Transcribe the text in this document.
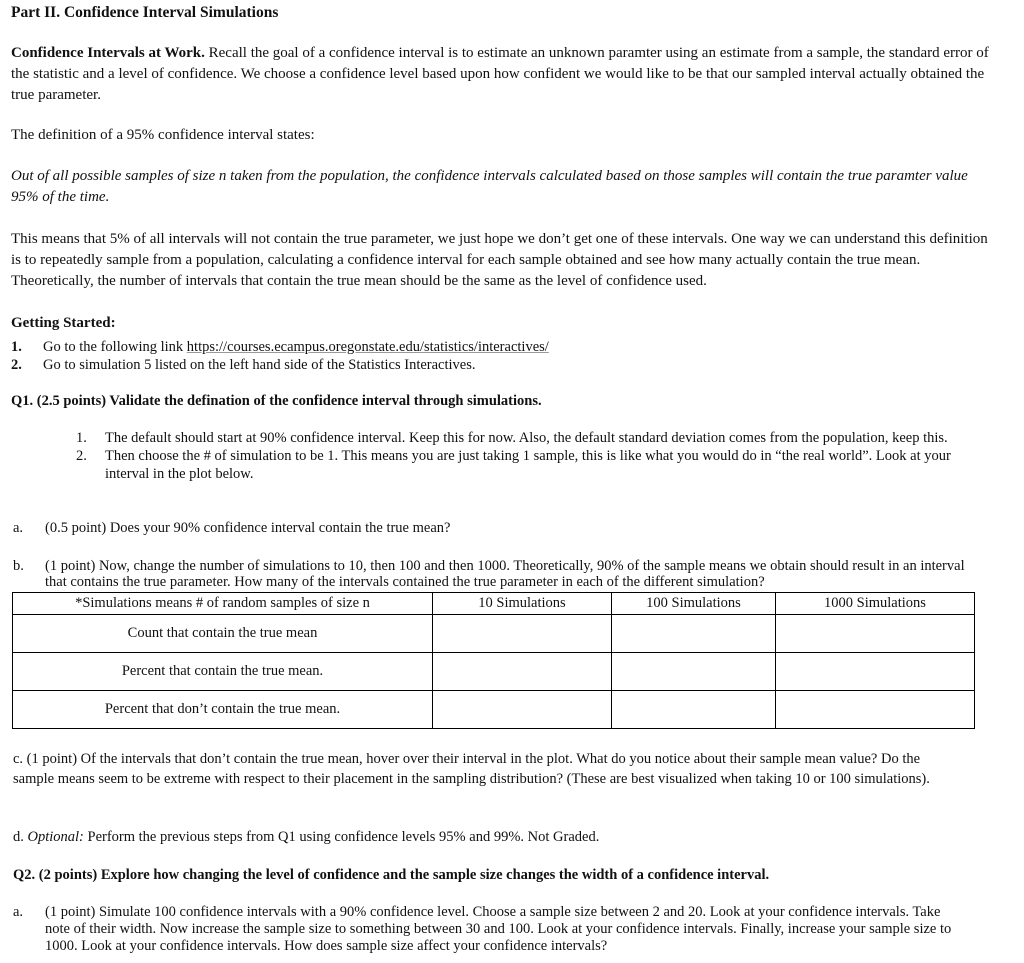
Part II. Confidence Interval Simulations
Confidence Intervals at Work. Recall the goal of a confidence interval is to estimate an unknown paramter using an estimate from a sample, the standard error of the statistic and a level of confidence. We choose a confidence level based upon how confident we would like to be that our sampled interval actually obtained the true parameter.
The definition of a 95% confidence interval states:
Out of all possible samples of size n taken from the population, the confidence intervals calculated based on those samples will contain the true paramter value 95% of the time.
This means that 5% of all intervals will not contain the true parameter, we just hope we don’t get one of these intervals. One way we can understand this definition is to repeatedly sample from a population, calculating a confidence interval for each sample obtained and see how many actually contain the true mean. Theoretically, the number of intervals that contain the true mean should be the same as the level of confidence used.
Getting Started:
1.	Go to the following link https://courses.ecampus.oregonstate.edu/statistics/interactives/
2.	Go to simulation 5 listed on the left hand side of the Statistics Interactives.
Q1. (2.5 points) Validate the defination of the confidence interval through simulations.
1.	The default should start at 90% confidence interval. Keep this for now. Also, the default standard deviation comes from the population, keep this.
2.	Then choose the # of simulation to be 1. This means you are just taking 1 sample, this is like what you would do in “the real world”. Look at your interval in the plot below.
a.	(0.5 point) Does your 90% confidence interval contain the true mean?
b.	(1 point) Now, change the number of simulations to 10, then 100 and then 1000. Theoretically, 90% of the sample means we obtain should result in an interval that contains the true parameter. How many of the intervals contained the true parameter in each of the different simulation?
*Simulations means # of random samples of size n	10 Simulations	100 Simulations	1000 Simulations
Count that contain the true mean			
Percent that contain the true mean.			
Percent that don’t contain the true mean.			
c. (1 point) Of the intervals that don’t contain the true mean, hover over their interval in the plot. What do you notice about their sample mean value? Do the sample means seem to be extreme with respect to their placement in the sampling distribution? (These are best visualized when taking 10 or 100 simulations).
d. Optional: Perform the previous steps from Q1 using confidence levels 95% and 99%. Not Graded.
Q2. (2 points) Explore how changing the level of confidence and the sample size changes the width of a confidence interval.
a.	(1 point) Simulate 100 confidence intervals with a 90% confidence level. Choose a sample size between 2 and 20. Look at your confidence intervals. Take note of their width. Now increase the sample size to something between 30 and 100. Look at your confidence intervals. Finally, increase your sample size to 1000. Look at your confidence intervals. How does sample size affect your confidence intervals?
